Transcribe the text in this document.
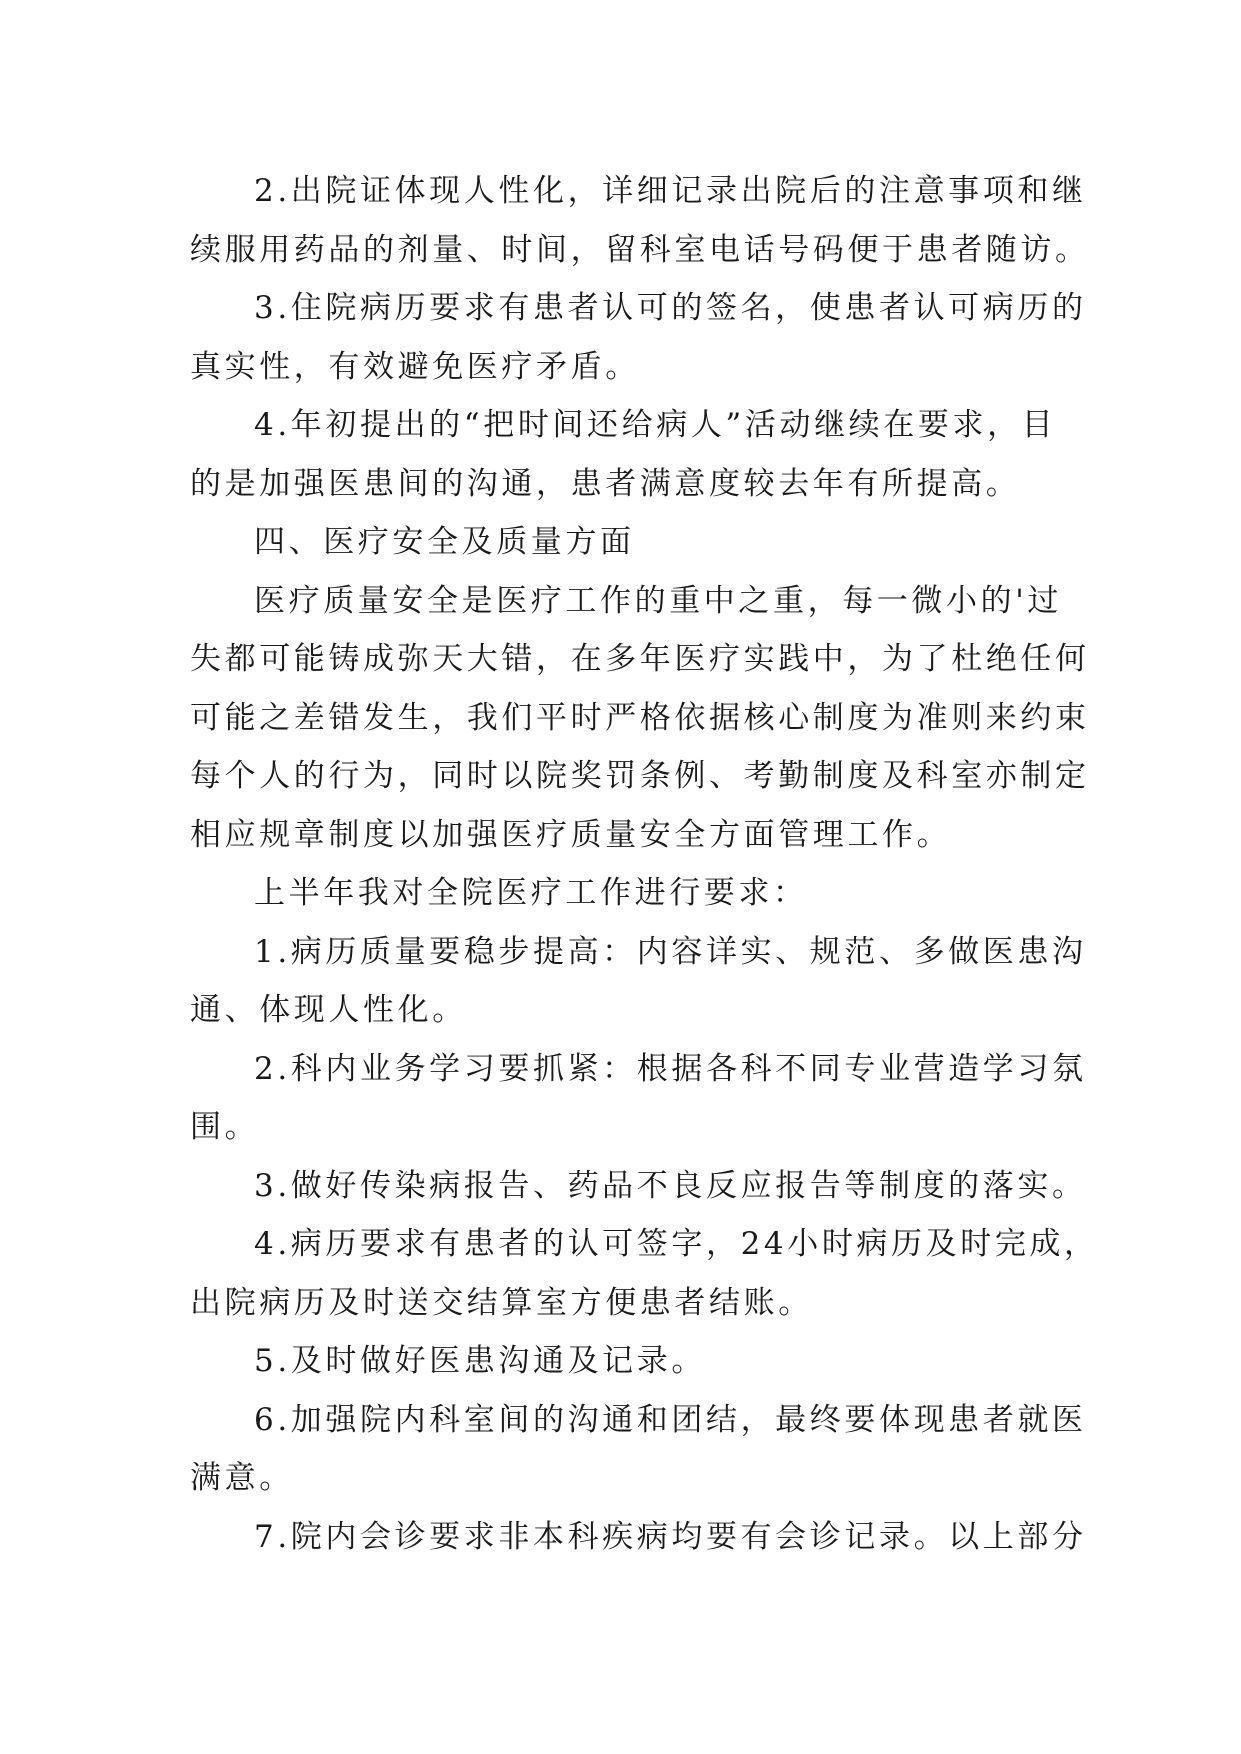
2.出院证体现人性化，详细记录出院后的注意事项和继
续服用药品的剂量、时间，留科室电话号码便于患者随访。
3.住院病历要求有患者认可的签名，使患者认可病历的
真实性，有效避免医疗矛盾。
4.年初提出的“把时间还给病人”活动继续在要求，目
的是加强医患间的沟通，患者满意度较去年有所提高。
四、医疗安全及质量方面
医疗质量安全是医疗工作的重中之重，每一微小的'过
失都可能铸成弥天大错，在多年医疗实践中，为了杜绝任何
可能之差错发生，我们平时严格依据核心制度为准则来约束
每个人的行为，同时以院奖罚条例、考勤制度及科室亦制定
相应规章制度以加强医疗质量安全方面管理工作。
上半年我对全院医疗工作进行要求：
1.病历质量要稳步提高：内容详实、规范、多做医患沟
通、体现人性化。
2.科内业务学习要抓紧：根据各科不同专业营造学习氛
围。
3.做好传染病报告、药品不良反应报告等制度的落实。
4.病历要求有患者的认可签字，24小时病历及时完成，
出院病历及时送交结算室方便患者结账。
5.及时做好医患沟通及记录。
6.加强院内科室间的沟通和团结，最终要体现患者就医
满意。
7.院内会诊要求非本科疾病均要有会诊记录。以上部分
